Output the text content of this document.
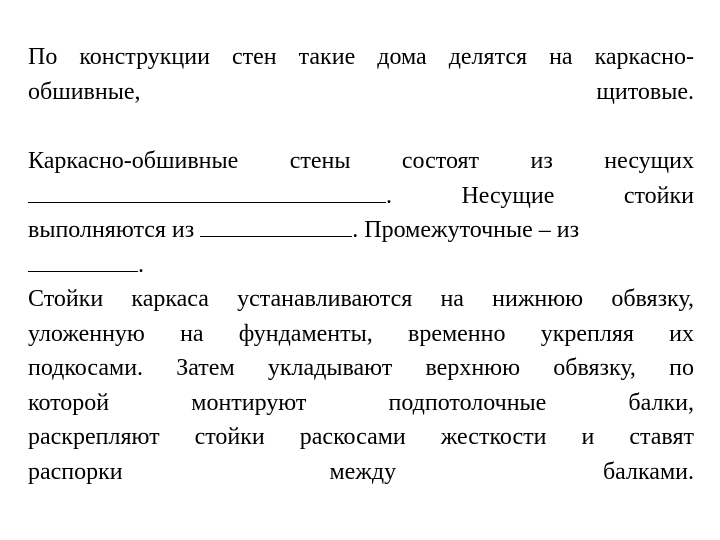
По конструкции стен такие дома делятся на каркасно-
обшивные,	щитовые.
Каркасно-обшивные стены состоят из несущих
.	Несущие	стойки
выполняются из	. Промежуточные – из
.
Стойки каркаса устанавливаются на нижнюю обвязку,
уложенную на фундаменты, временно укрепляя их
подкосами. Затем укладывают верхнюю обвязку, по
которой	монтируют	подпотолочные	балки,
раскрепляют стойки раскосами жесткости и ставят
распорки	между	балками.
